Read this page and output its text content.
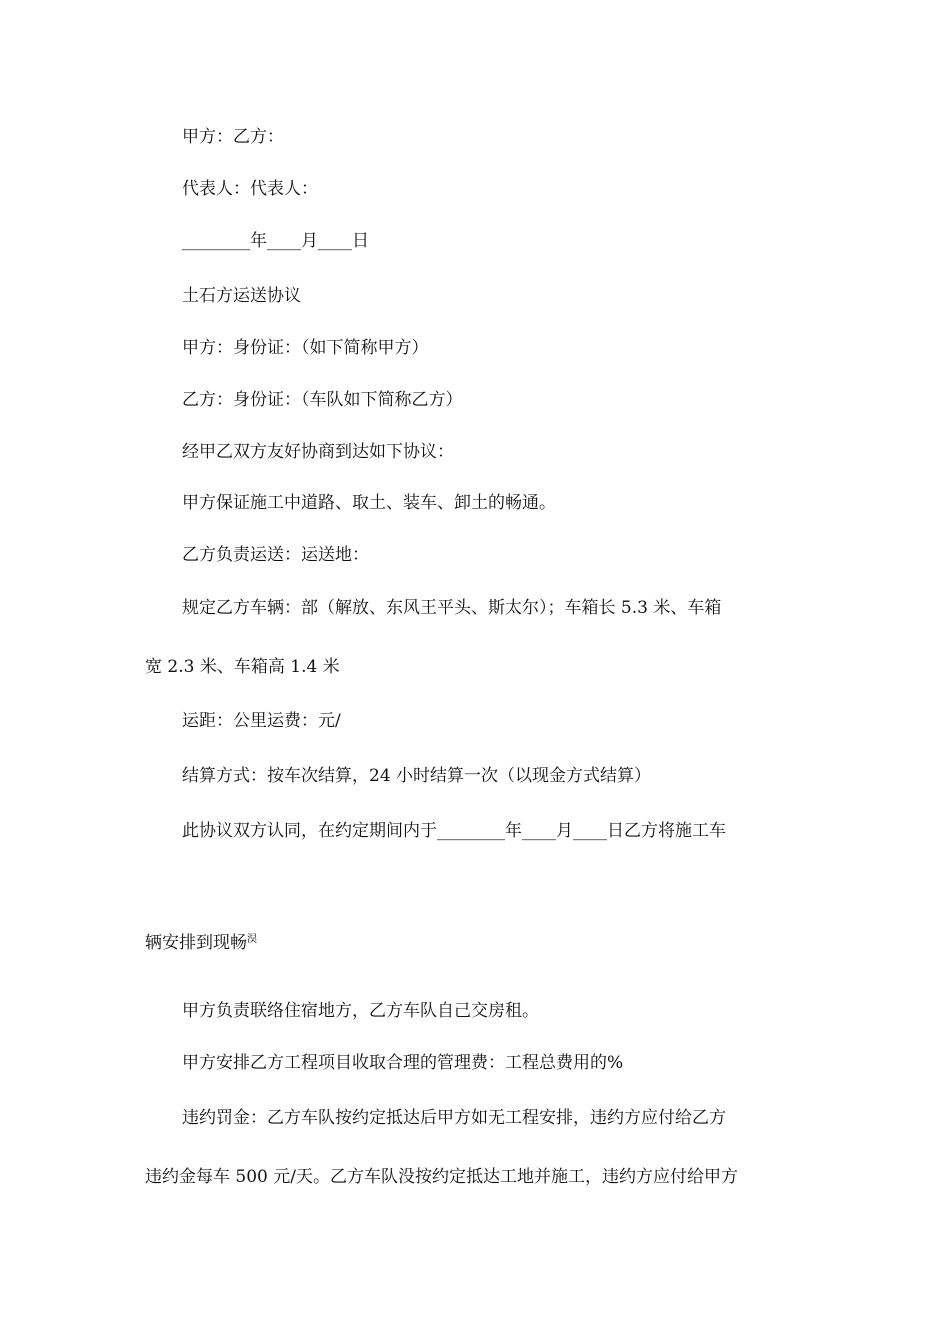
甲方：乙方：

代表人：代表人：

________年____月____日

土石方运送协议

甲方：身份证：（如下简称甲方）

乙方：身份证：（车队如下简称乙方）

经甲乙双方友好协商到达如下协议：

甲方保证施工中道路、取土、装车、卸土的畅通。

乙方负责运送：运送地：

规定乙方车辆：部（解放、东风王平头、斯太尔）；车箱长 5.3 米、车箱

宽 2.3 米、车箱高 1.4 米

运距：公里运费：元/

结算方式：按车次结算，24 小时结算一次（以现金方式结算）

此协议双方认同，在约定期间内于________年____月____日乙方将施工车

辆安排到现畅$^淏$

甲方负责联络住宿地方，乙方车队自己交房租。

甲方安排乙方工程项目收取合理的管理费：工程总费用的%

违约罚金：乙方车队按约定抵达后甲方如无工程安排，违约方应付给乙方

违约金每车 500 元/天。乙方车队没按约定抵达工地并施工，违约方应付给甲方
